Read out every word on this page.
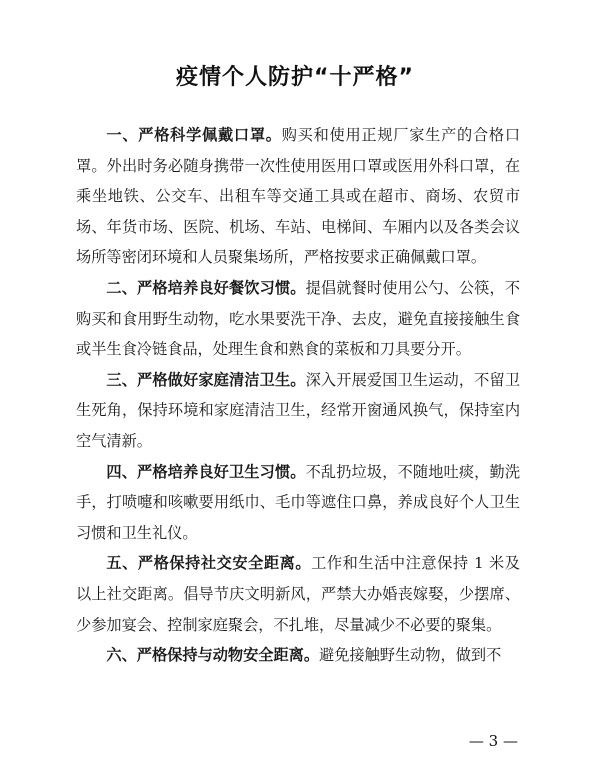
疫情个人防护“十严格”

一、严格科学佩戴口罩。购买和使用正规厂家生产的合格口罩。外出时务必随身携带一次性使用医用口罩或医用外科口罩，在乘坐地铁、公交车、出租车等交通工具或在超市、商场、农贸市场、年货市场、医院、机场、车站、电梯间、车厢内以及各类会议场所等密闭环境和人员聚集场所，严格按要求正确佩戴口罩。

二、严格培养良好餐饮习惯。提倡就餐时使用公勺、公筷，不购买和食用野生动物，吃水果要洗干净、去皮，避免直接接触生食或半生食冷链食品，处理生食和熟食的菜板和刀具要分开。

三、严格做好家庭清洁卫生。深入开展爱国卫生运动，不留卫生死角，保持环境和家庭清洁卫生，经常开窗通风换气，保持室内空气清新。

四、严格培养良好卫生习惯。不乱扔垃圾，不随地吐痰，勤洗手，打喷嚏和咳嗽要用纸巾、毛巾等遮住口鼻，养成良好个人卫生习惯和卫生礼仪。

五、严格保持社交安全距离。工作和生活中注意保持 1 米及以上社交距离。倡导节庆文明新风，严禁大办婚丧嫁娶，少摆席、少参加宴会、控制家庭聚会，不扎堆，尽量减少不必要的聚集。

六、严格保持与动物安全距离。避免接触野生动物，做到不

— 3 —
